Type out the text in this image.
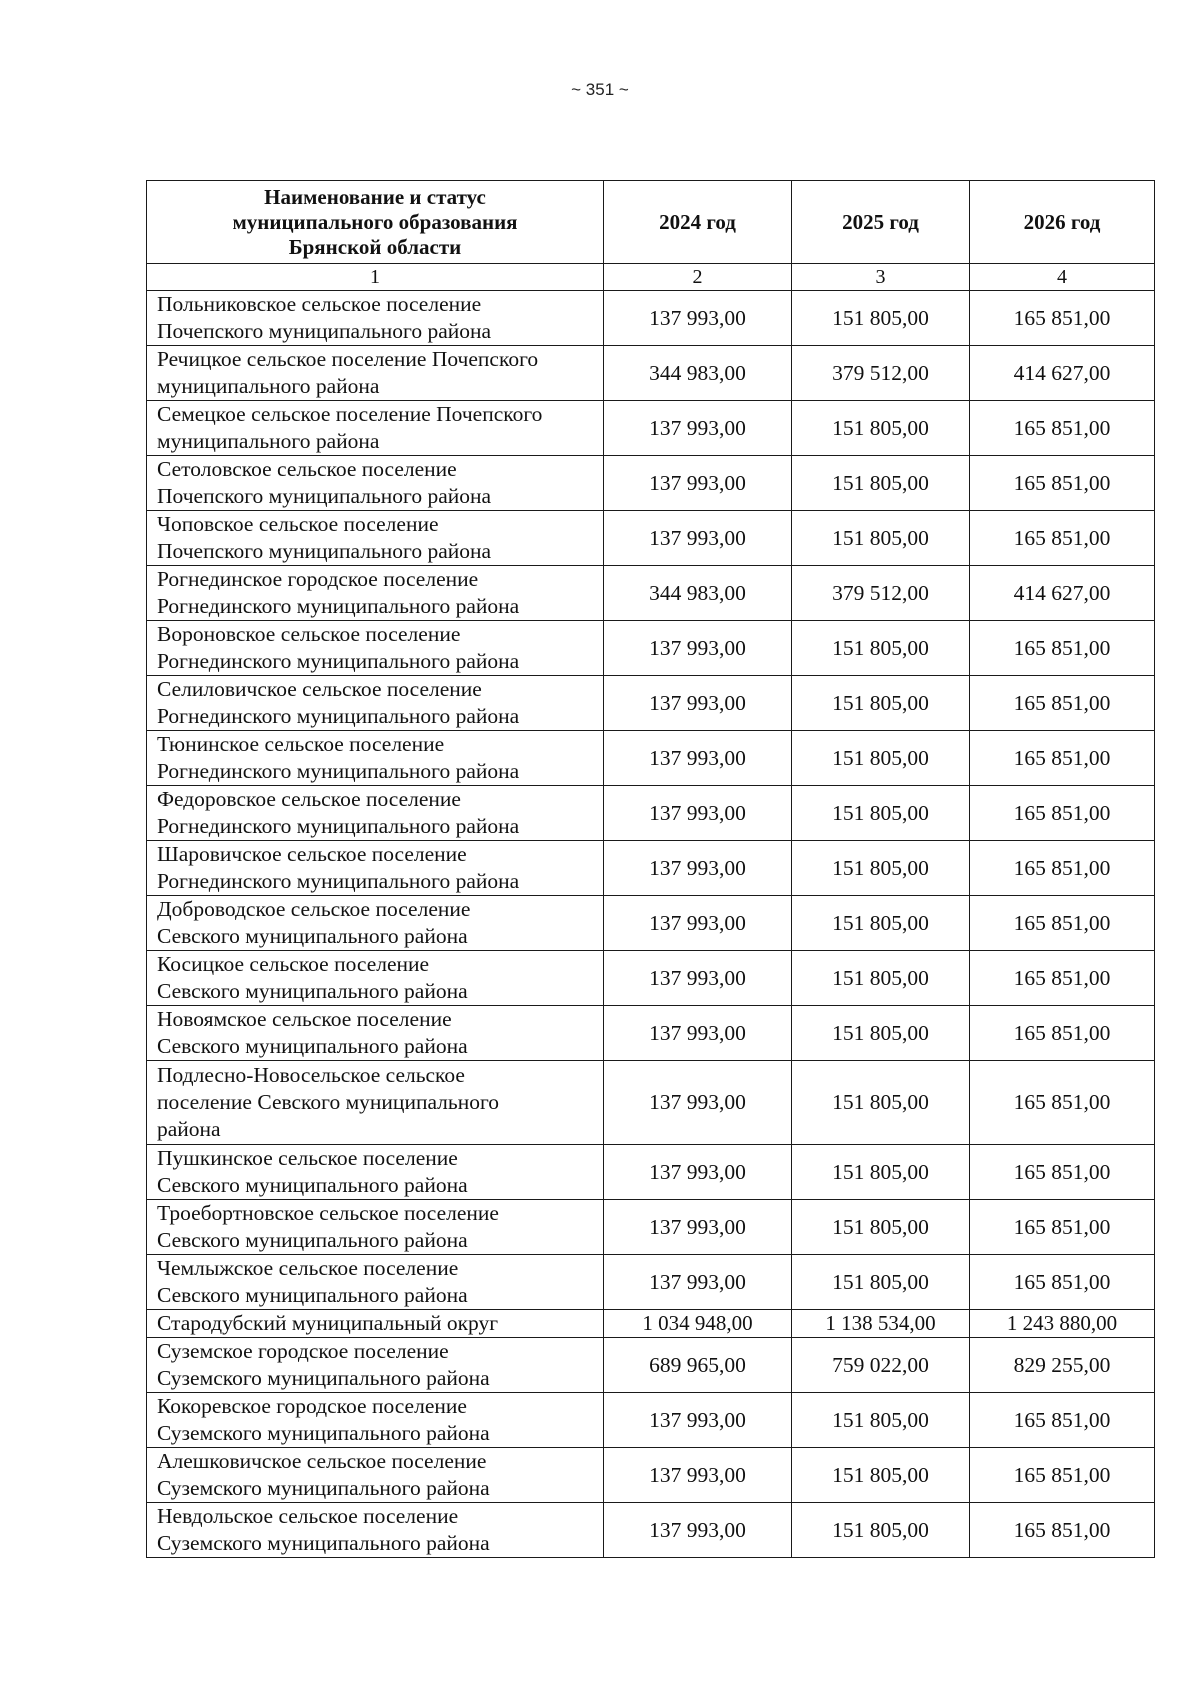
~ 351 ~
Наименование и статус
муниципального образования
Брянской области	2024 год	2025 год	2026 год
1	2	3	4
Польниковское сельское поселение
Почепского муниципального района	137 993,00	151 805,00	165 851,00
Речицкое сельское поселение Почепского
муниципального района	344 983,00	379 512,00	414 627,00
Семецкое сельское поселение Почепского
муниципального района	137 993,00	151 805,00	165 851,00
Сетоловское сельское поселение
Почепского муниципального района	137 993,00	151 805,00	165 851,00
Чоповское сельское поселение
Почепского муниципального района	137 993,00	151 805,00	165 851,00
Рогнединское городское поселение
Рогнединского муниципального района	344 983,00	379 512,00	414 627,00
Вороновское сельское поселение
Рогнединского муниципального района	137 993,00	151 805,00	165 851,00
Селиловичское сельское поселение
Рогнединского муниципального района	137 993,00	151 805,00	165 851,00
Тюнинское сельское поселение
Рогнединского муниципального района	137 993,00	151 805,00	165 851,00
Федоровское сельское поселение
Рогнединского муниципального района	137 993,00	151 805,00	165 851,00
Шаровичское сельское поселение
Рогнединского муниципального района	137 993,00	151 805,00	165 851,00
Доброводское сельское поселение
Севского муниципального района	137 993,00	151 805,00	165 851,00
Косицкое сельское поселение
Севского муниципального района	137 993,00	151 805,00	165 851,00
Новоямское сельское поселение
Севского муниципального района	137 993,00	151 805,00	165 851,00
Подлесно-Новосельское сельское
поселение Севского муниципального
района	137 993,00	151 805,00	165 851,00
Пушкинское сельское поселение
Севского муниципального района	137 993,00	151 805,00	165 851,00
Троебортновское сельское поселение
Севского муниципального района	137 993,00	151 805,00	165 851,00
Чемлыжское сельское поселение
Севского муниципального района	137 993,00	151 805,00	165 851,00
Стародубский муниципальный округ	1 034 948,00	1 138 534,00	1 243 880,00
Суземское городское поселение
Суземского муниципального района	689 965,00	759 022,00	829 255,00
Кокоревское городское поселение
Суземского муниципального района	137 993,00	151 805,00	165 851,00
Алешковичское сельское поселение
Суземского муниципального района	137 993,00	151 805,00	165 851,00
Невдольское сельское поселение
Суземского муниципального района	137 993,00	151 805,00	165 851,00
